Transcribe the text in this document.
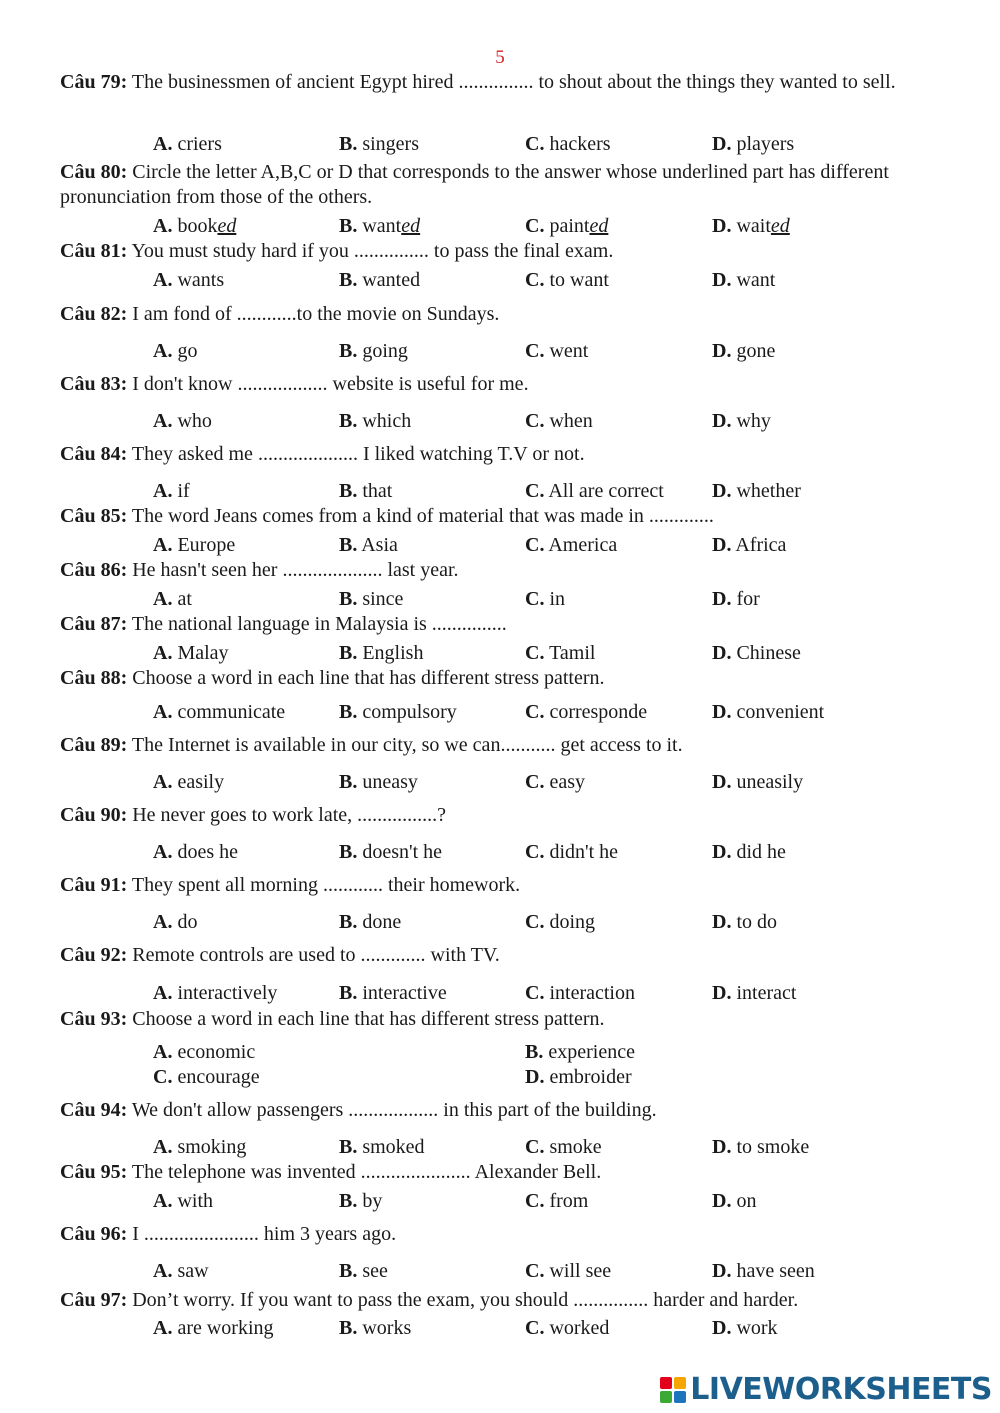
5
Câu 79: The businessmen of ancient Egypt hired ............... to shout about the things they wanted to sell.
A. criers	B. singers	C. hackers	D. players
Câu 80: Circle the letter A,B,C or D that corresponds to the answer whose underlined part has different pronunciation from those of the others.
A. booked	B. wanted	C. painted	D. waited
Câu 81: You must study hard if you ............... to pass the final exam.
A. wants	B. wanted	C. to want	D. want
Câu 82: I am fond of ............to the movie on Sundays.
A. go	B. going	C. went	D. gone
Câu 83: I don't know .................. website is useful for me.
A. who	B. which	C. when	D. why
Câu 84: They asked me .................... I liked watching T.V or not.
A. if	B. that	C. All are correct D. whether
Câu 85: The word Jeans comes from a kind of material that was made in .............
A. Europe	B. Asia	C. America	D. Africa
Câu 86: He hasn't seen her .................... last year.
A. at	B. since	C. in	D. for
Câu 87: The national language in Malaysia is ...............
A. Malay	B. English	C. Tamil	D. Chinese
Câu 88: Choose a word in each line that has different stress pattern.
A. communicate	B. compulsory	C. corresponde	D. convenient
Câu 89: The Internet is available in our city, so we can........... get access to it.
A. easily	B. uneasy	C. easy	D. uneasily
Câu 90: He never goes to work late, ................?
A. does he	B. doesn't he	C. didn't he	D. did he
Câu 91: They spent all morning ............ their homework.
A. do	B. done	C. doing	D. to do
Câu 92: Remote controls are used to ............. with TV.
A. interactively	B. interactive	C. interaction	D. interact
Câu 93: Choose a word in each line that has different stress pattern.
A. economic	B. experience
C. encourage	D. embroider
Câu 94: We don't allow passengers .................. in this part of the building.
A. smoking	B. smoked	C. smoke	D. to smoke
Câu 95: The telephone was invented ...................... Alexander Bell.
A. with	B. by	C. from	D. on
Câu 96: I ....................... him 3 years ago.
A. saw	B. see	C. will see	D. have seen
Câu 97: Don’t worry. If you want to pass the exam, you should ............... harder and harder.
A. are working	B. works	C. worked	D. work
LIVEWORKSHEETS
